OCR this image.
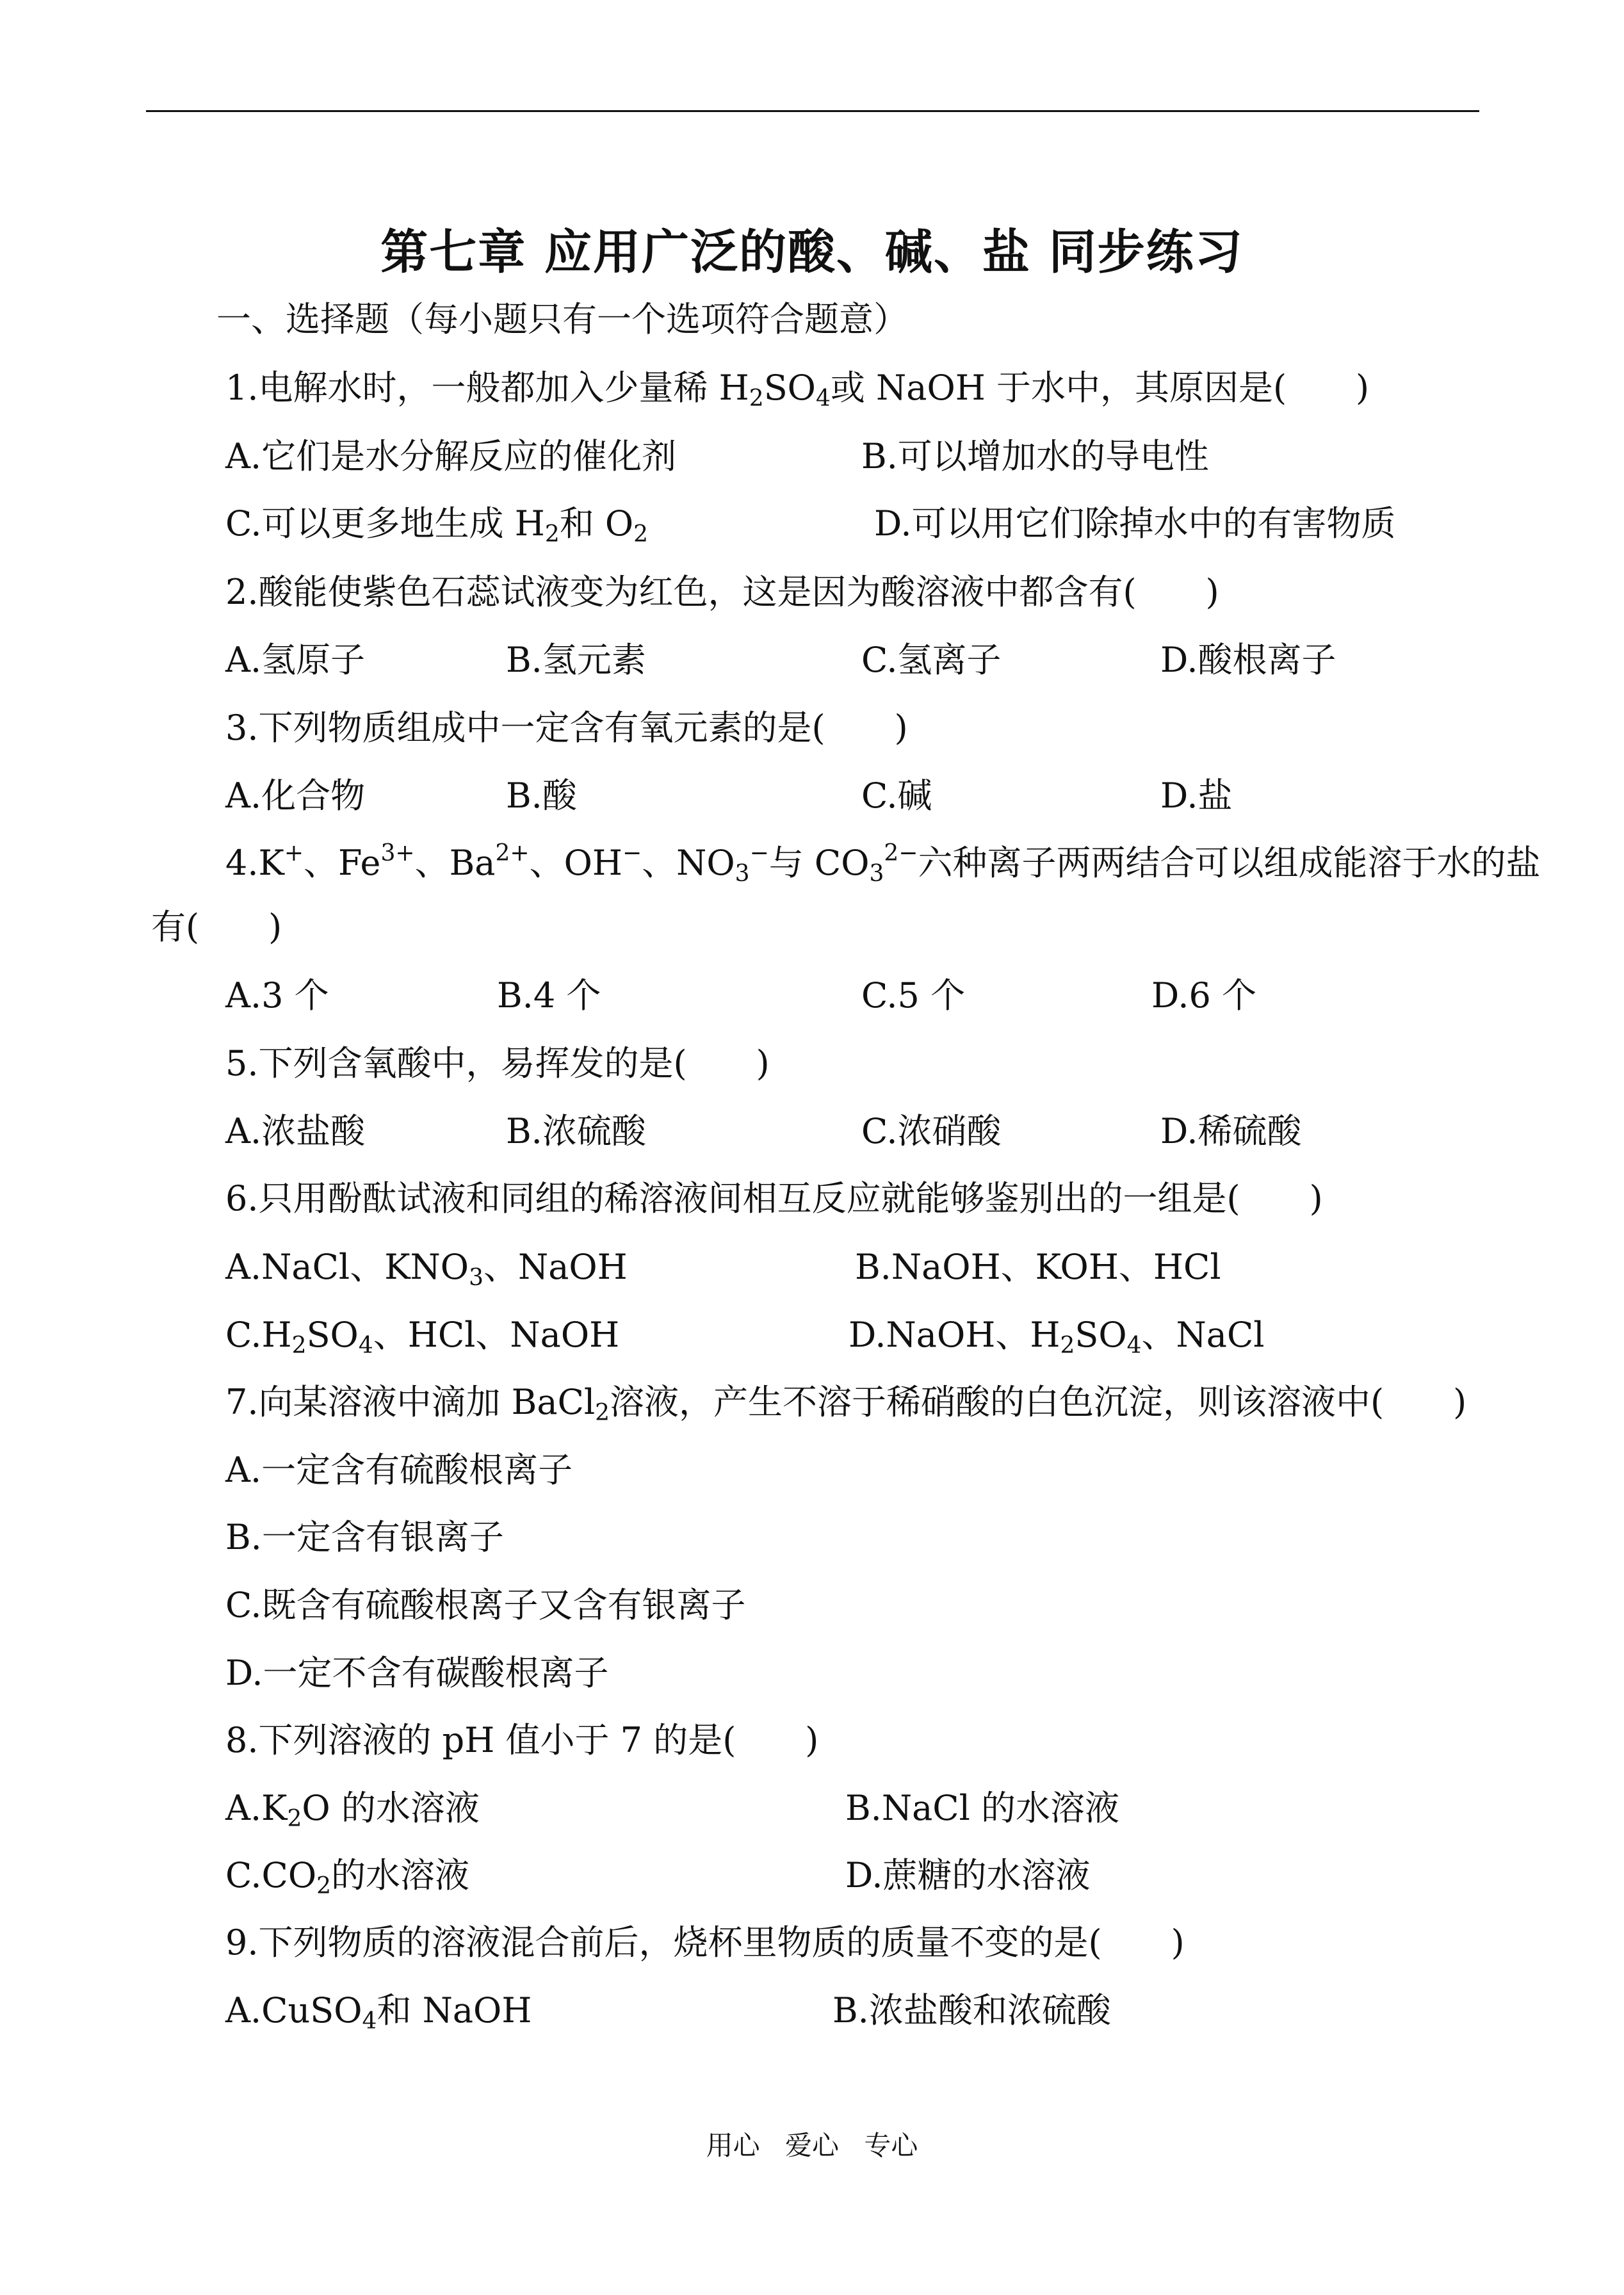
第七章 应用广泛的酸、碱、盐 同步练习
一、选择题（每小题只有一个选项符合题意）
1.电解水时，一般都加入少量稀 $H_2SO_4$或 NaOH 于水中，其原因是(　　)
A.它们是水分解反应的催化剂	B.可以增加水的导电性
C.可以更多地生成 $H_2$和 $O_2$	D.可以用它们除掉水中的有害物质
2.酸能使紫色石蕊试液变为红色，这是因为酸溶液中都含有(　　)
A.氢原子	B.氢元素	C.氢离子	D.酸根离子
3.下列物质组成中一定含有氧元素的是(　　)
A.化合物	B.酸	C.碱	D.盐
4.K+、$Fe^{3+}$、$Ba^{2+}$、OH−、$NO_3^-$与 $CO_3^{2-}$六种离子两两结合可以组成能溶于水的盐
有(　　)
A.3 个	B.4 个	C.5 个	D.6 个
5.下列含氧酸中，易挥发的是(　　)
A.浓盐酸	B.浓硫酸	C.浓硝酸	D.稀硫酸
6.只用酚酞试液和同组的稀溶液间相互反应就能够鉴别出的一组是(　　)
A.NaCl、$KNO_3$、NaOH	B.NaOH、KOH、HCl
$C.H_2SO_4$、HCl、NaOH	D.NaOH、$H_2SO_4$、NaCl
7.向某溶液中滴加 BaCl$_2$溶液，产生不溶于稀硝酸的白色沉淀，则该溶液中(　　)
A.一定含有硫酸根离子
B.一定含有银离子
C.既含有硫酸根离子又含有银离子
D.一定不含有碳酸根离子
8.下列溶液的 pH 值小于 7 的是(　　)
$A.K_2O$ 的水溶液	B.NaCl 的水溶液
$C.CO_2$的水溶液	D.蔗糖的水溶液
9.下列物质的溶液混合前后，烧杯里物质的质量不变的是(　　)
A.CuSO$_4$和 NaOH	B.浓盐酸和浓硫酸
用心 爱心 专心
